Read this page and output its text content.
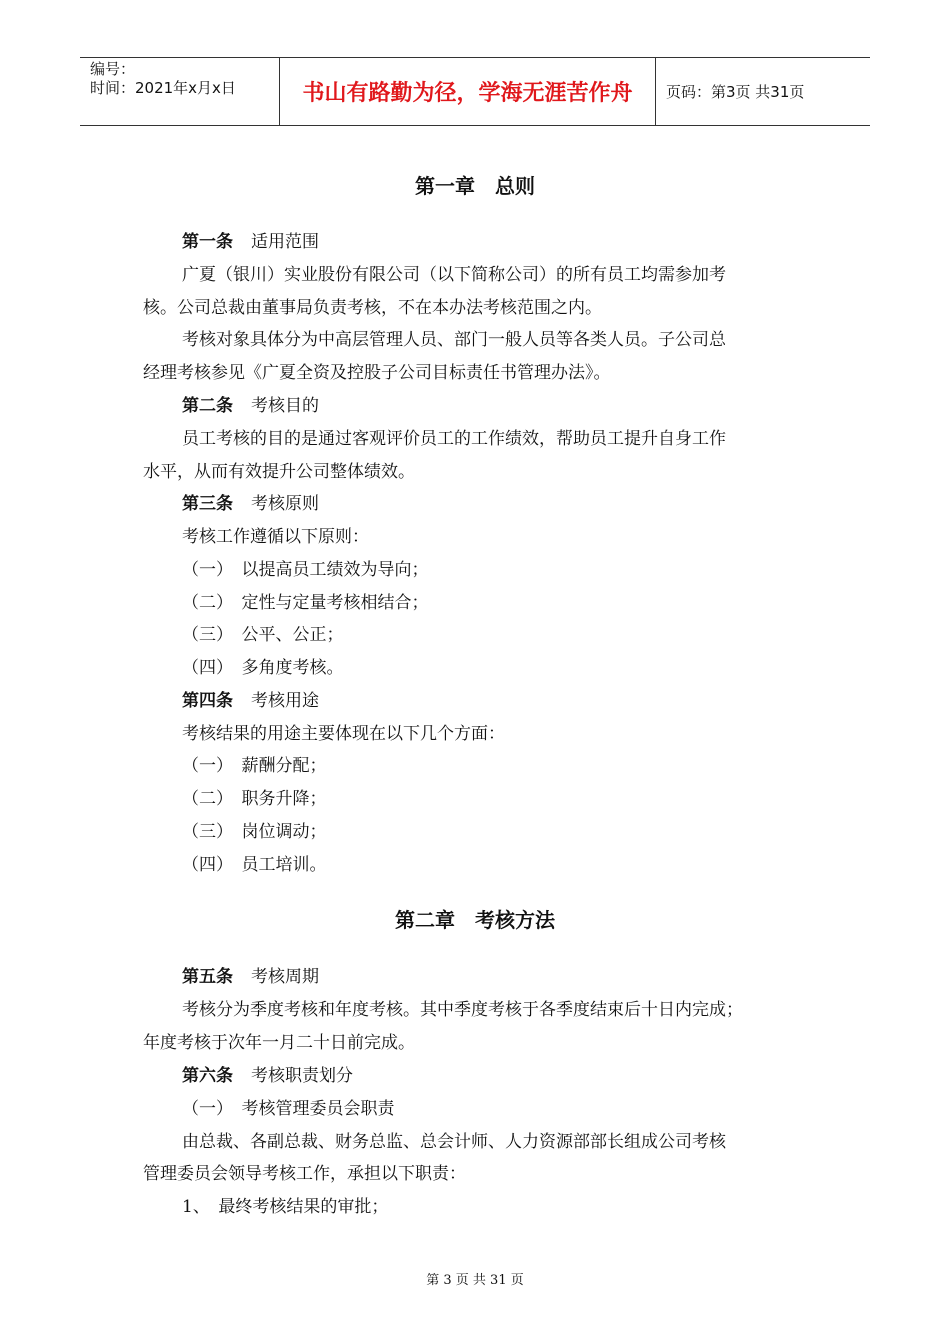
编号：
时间：2021年x月x日	书山有路勤为径，学海无涯苦作舟	页码：第3页 共31页
第一章　总则
第一条 适用范围
广夏（银川）实业股份有限公司（以下简称公司）的所有员工均需参加考
核。公司总裁由董事局负责考核，不在本办法考核范围之内。
考核对象具体分为中高层管理人员、部门一般人员等各类人员。子公司总
经理考核参见《广夏全资及控股子公司目标责任书管理办法》。
第二条 考核目的
员工考核的目的是通过客观评价员工的工作绩效，帮助员工提升自身工作
水平，从而有效提升公司整体绩效。
第三条 考核原则
考核工作遵循以下原则：
（一）　以提高员工绩效为导向；
（二）　定性与定量考核相结合；
（三）　公平、公正；
（四）　多角度考核。
第四条 考核用途
考核结果的用途主要体现在以下几个方面：
（一）　薪酬分配；
（二）　职务升降；
（三）　岗位调动；
（四）　员工培训。
第二章　考核方法
第五条 考核周期
考核分为季度考核和年度考核。其中季度考核于各季度结束后十日内完成；
年度考核于次年一月二十日前完成。
第六条 考核职责划分
（一）　考核管理委员会职责
由总裁、各副总裁、财务总监、总会计师、人力资源部部长组成公司考核
管理委员会领导考核工作，承担以下职责：
1、　最终考核结果的审批；
第 3 页 共 31 页
